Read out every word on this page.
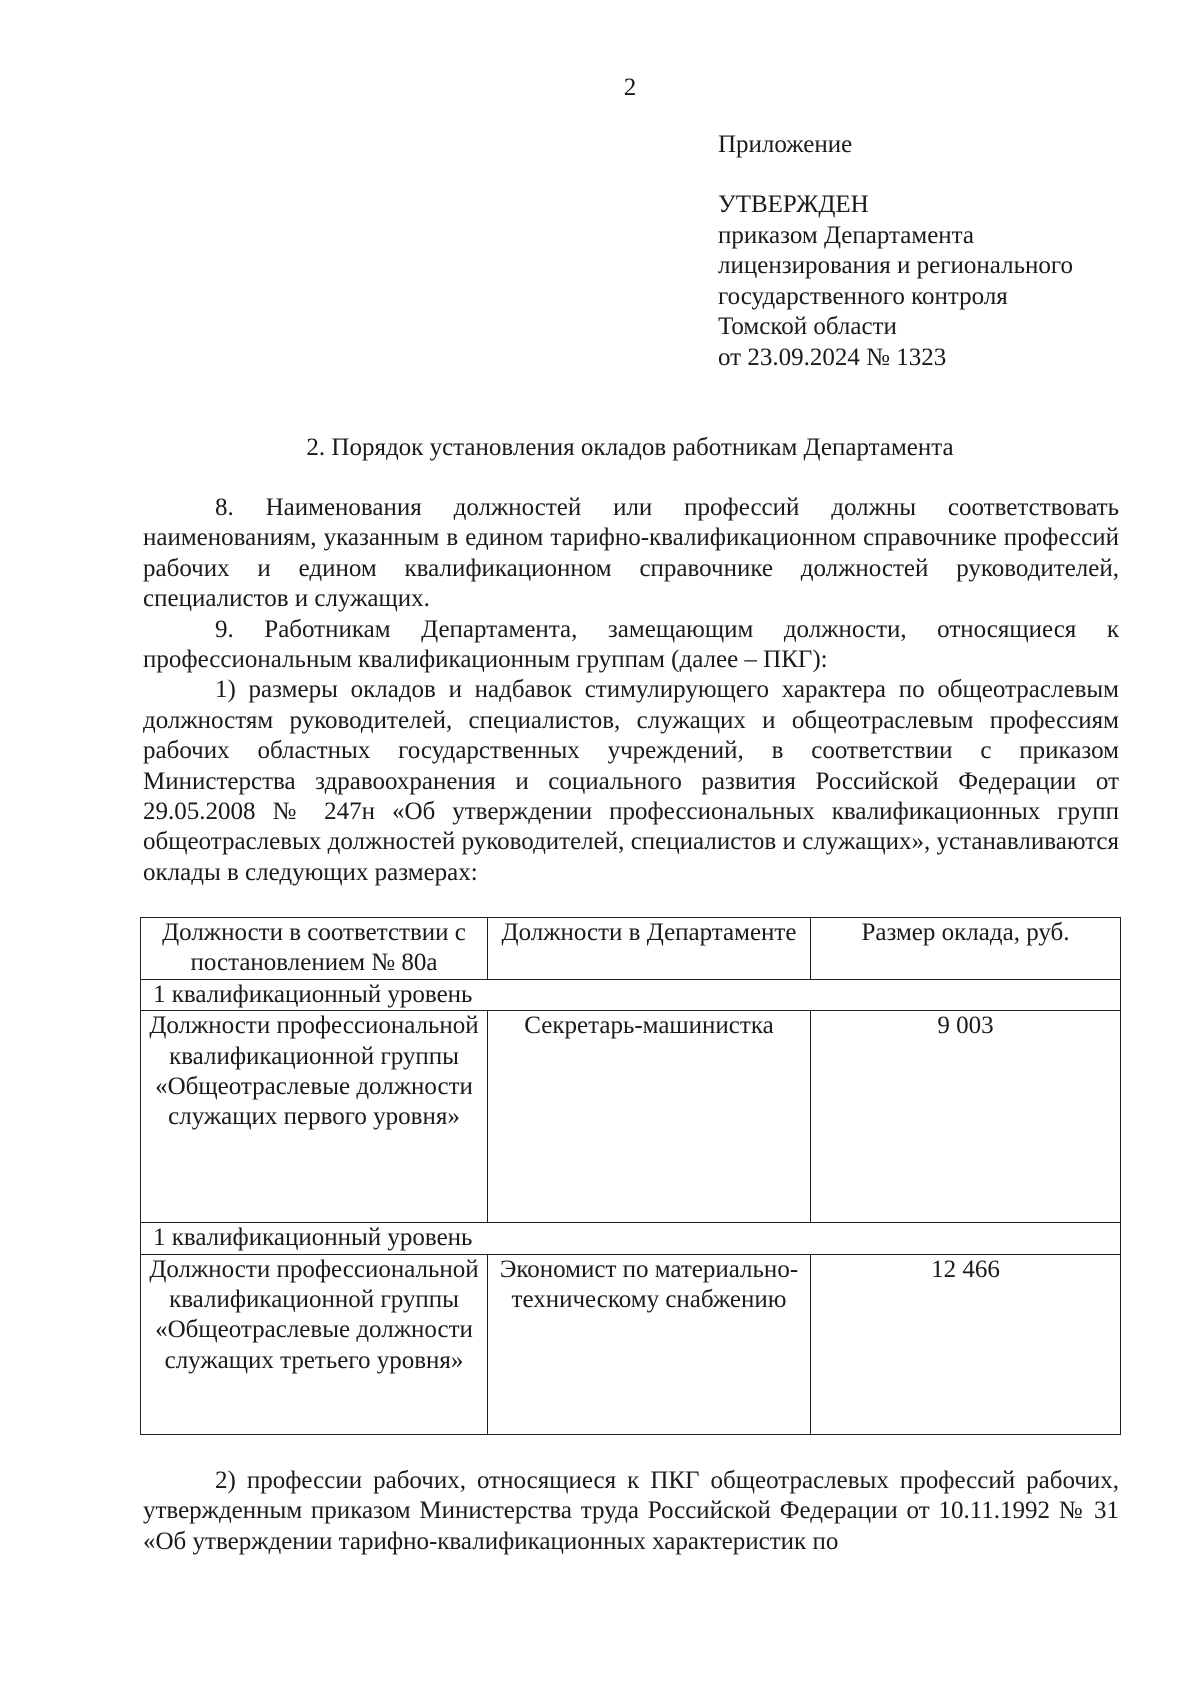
2
Приложение
УТВЕРЖДЕН
приказом Департамента
лицензирования и регионального
государственного контроля
Томской области
от 23.09.2024 № 1323
2. Порядок установления окладов работникам Департамента

8. Наименования должностей или профессий должны соответствовать наименованиям, указанным в едином тарифно-квалификационном справочнике профессий рабочих и едином квалификационном справочнике должностей руководителей, специалистов и служащих.

9. Работникам Департамента, замещающим должности, относящиеся к профессиональным квалификационным группам (далее – ПКГ):

1) размеры окладов и надбавок стимулирующего характера по общеотраслевым должностям руководителей, специалистов, служащих и общеотраслевым профессиям рабочих областных государственных учреждений, в соответствии с приказом Министерства здравоохранения и социального развития Российской Федерации от 29.05.2008 № 247н «Об утверждении профессиональных квалификационных групп общеотраслевых должностей руководителей, специалистов и служащих», устанавливаются оклады в следующих размерах:

Должности в соответствии с постановлением № 80а	Должности в Департаменте	Размер оклада, руб.
1 квалификационный уровень		
Должности профессиональной квалификационной группы «Общеотраслевые должности служащих первого уровня»	Секретарь-машинистка	9 003
1 квалификационный уровень		
Должности профессиональной квалификационной группы «Общеотраслевые должности служащих третьего уровня»	Экономист по материально-техническому снабжению	12 466

2) профессии рабочих, относящиеся к ПКГ общеотраслевых профессий рабочих, утвержденным приказом Министерства труда Российской Федерации от 10.11.1992 № 31 «Об утверждении тарифно-квалификационных характеристик по
